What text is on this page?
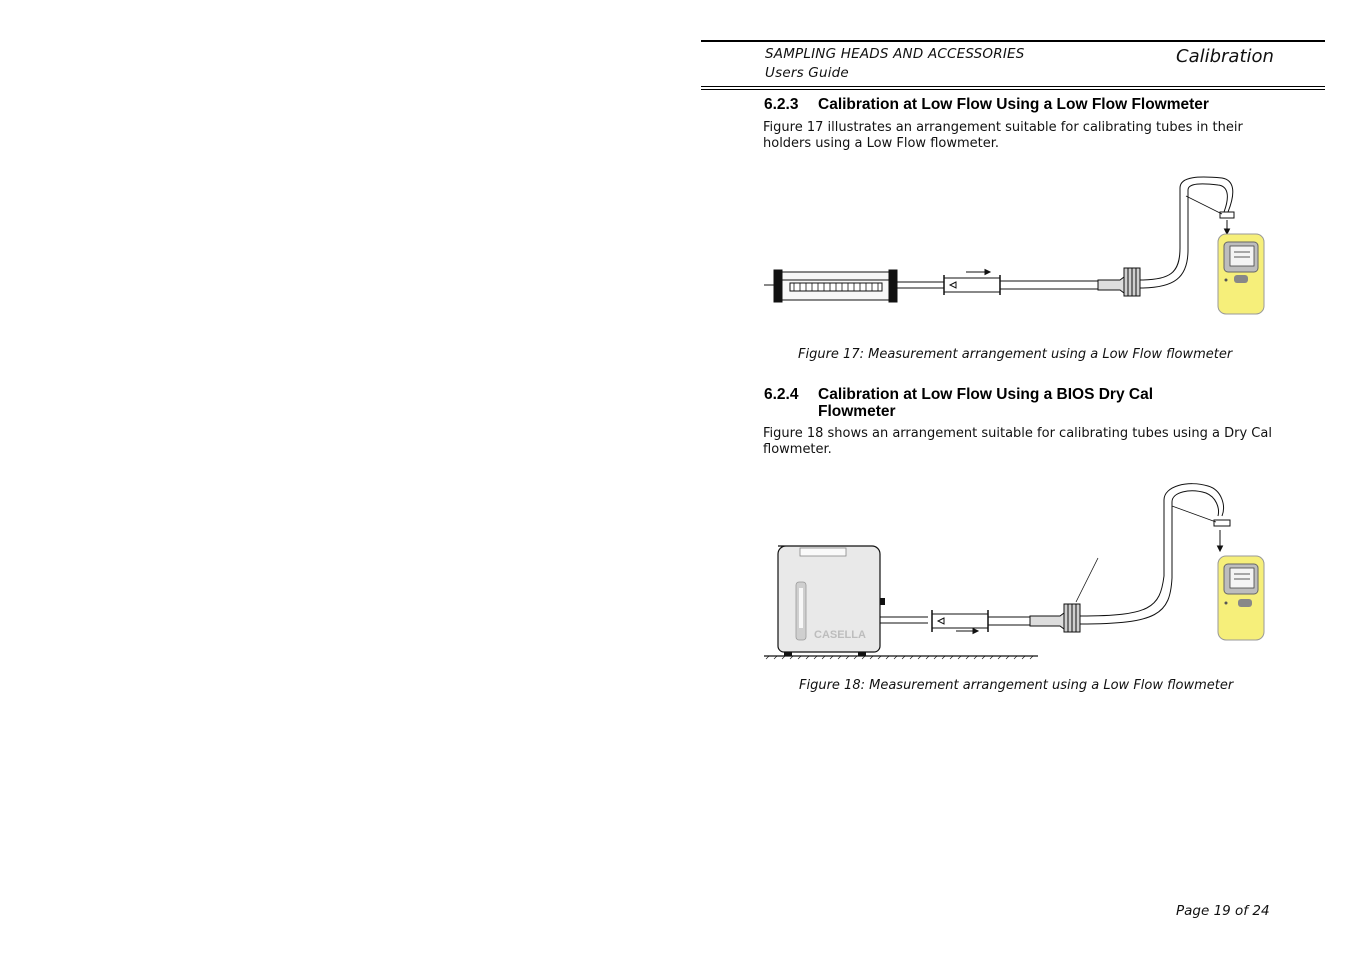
SAMPLING HEADS AND ACCESSORIES
Users Guide
Calibration
6.2.3 Calibration at Low Flow Using a Low Flow Flowmeter
Figure 17 illustrates an arrangement suitable for calibrating tubes in their holders using a Low Flow flowmeter.
Figure 17: Measurement arrangement using a Low Flow flowmeter
6.2.4 Calibration at Low Flow Using a BIOS Dry Cal
Flowmeter
Figure 18 shows an arrangement suitable for calibrating tubes using a Dry Cal flowmeter.
CASELLA
Figure 18: Measurement arrangement using a Low Flow flowmeter
Page 19 of 24
